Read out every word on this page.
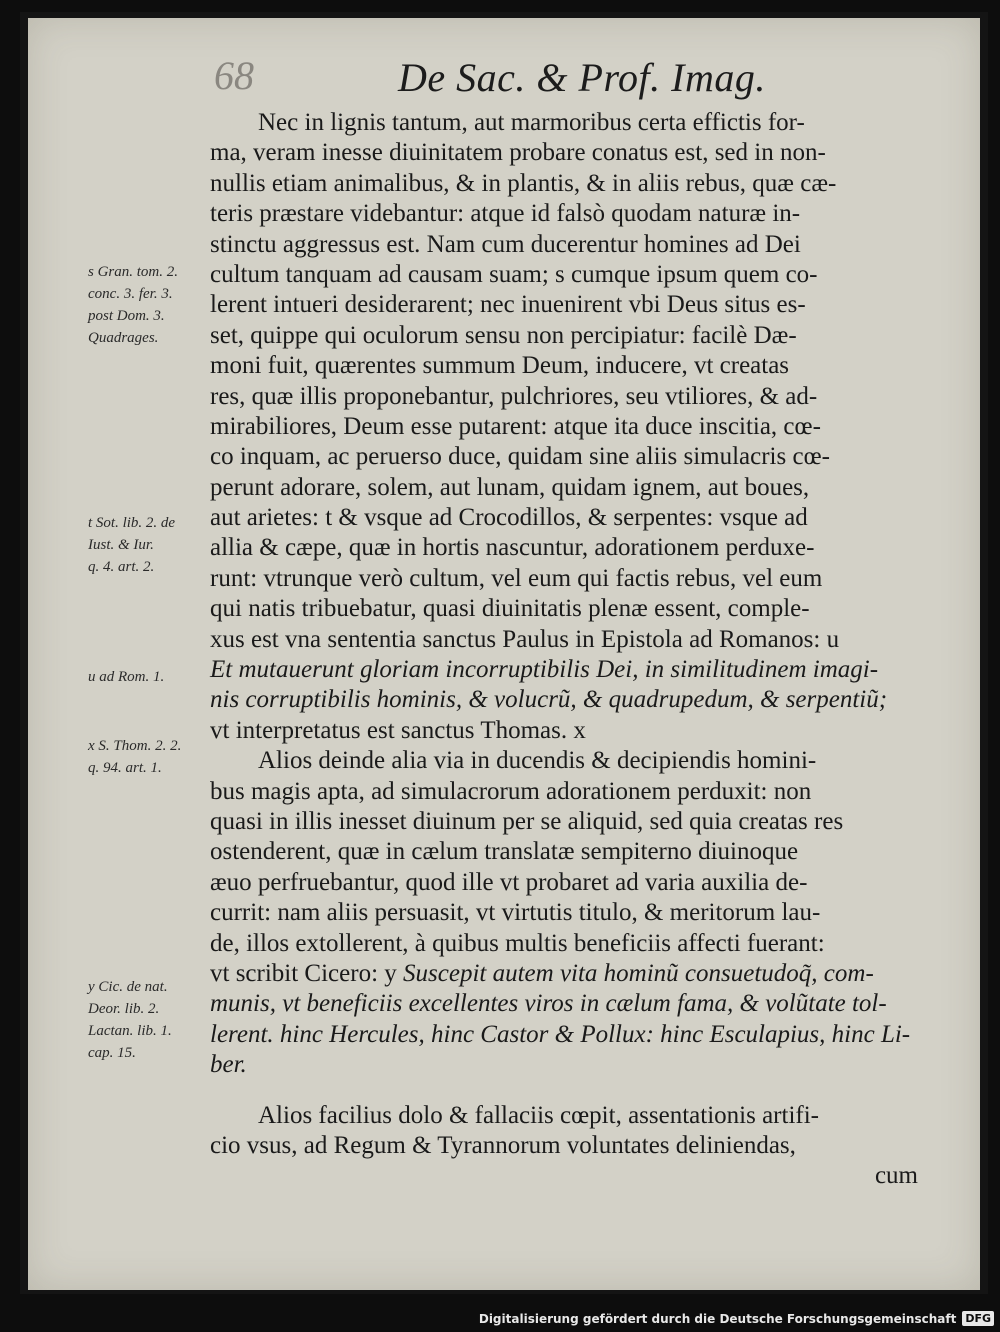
68	De Sac. & Prof. Imag.
s Gran. tom. 2.
conc. 3. fer. 3.
post Dom. 3.
Quadrages.
t Sot. lib. 2. de
Iust. & Iur.
q. 4. art. 2.
u ad Rom. 1.
x S. Thom. 2. 2.
q. 94. art. 1.
y Cic. de nat.
Deor. lib. 2.
Lactan. lib. 1.
cap. 15.
Nec in lignis tantum, aut marmoribus certa effictis for-
ma, veram inesse diuinitatem probare conatus est, sed in non-
nullis etiam animalibus, & in plantis, & in aliis rebus, quæ cæ-
teris præstare videbantur: atque id falsò quodam naturæ in-
stinctu aggressus est. Nam cum ducerentur homines ad Dei
cultum tanquam ad causam suam; s cumque ipsum quem co-
lerent intueri desiderarent; nec inuenirent vbi Deus situs es-
set, quippe qui oculorum sensu non percipiatur: facilè Dæ-
moni fuit, quærentes summum Deum, inducere, vt creatas
res, quæ illis proponebantur, pulchriores, seu vtiliores, & ad-
mirabiliores, Deum esse putarent: atque ita duce inscitia, cœ-
co inquam, ac peruerso duce, quidam sine aliis simulacris cœ-
perunt adorare, solem, aut lunam, quidam ignem, aut boues,
aut arietes: t & vsque ad Crocodillos, & serpentes: vsque ad
allia & cæpe, quæ in hortis nascuntur, adorationem perduxe-
runt: vtrunque verò cultum, vel eum qui factis rebus, vel eum
qui natis tribuebatur, quasi diuinitatis plenæ essent, comple-
xus est vna sententia sanctus Paulus in Epistola ad Romanos: u
Et mutauerunt gloriam incorruptibilis Dei, in similitudinem imagi-
nis corruptibilis hominis, & volucrũ, & quadrupedum, & serpentiũ;
vt interpretatus est sanctus Thomas. x
Alios deinde alia via in ducendis & decipiendis homini-
bus magis apta, ad simulacrorum adorationem perduxit: non
quasi in illis inesset diuinum per se aliquid, sed quia creatas res
ostenderent, quæ in cælum translatæ sempiterno diuinoque
æuo perfruebantur, quod ille vt probaret ad varia auxilia de-
currit: nam aliis persuasit, vt virtutis titulo, & meritorum lau-
de, illos extollerent, à quibus multis beneficiis affecti fuerant:
vt scribit Cicero: y Suscepit autem vita hominũ consuetudoq̃, com-
munis, vt beneficiis excellentes viros in cælum fama, & volũtate tol-
lerent. hinc Hercules, hinc Castor & Pollux: hinc Esculapius, hinc Li-
ber.
Alios facilius dolo & fallaciis cœpit, assentationis artifi-
cio vsus, ad Regum & Tyrannorum voluntates deliniendas,
cum
Digitalisierung gefördert durch die Deutsche Forschungsgemeinschaft DFG
